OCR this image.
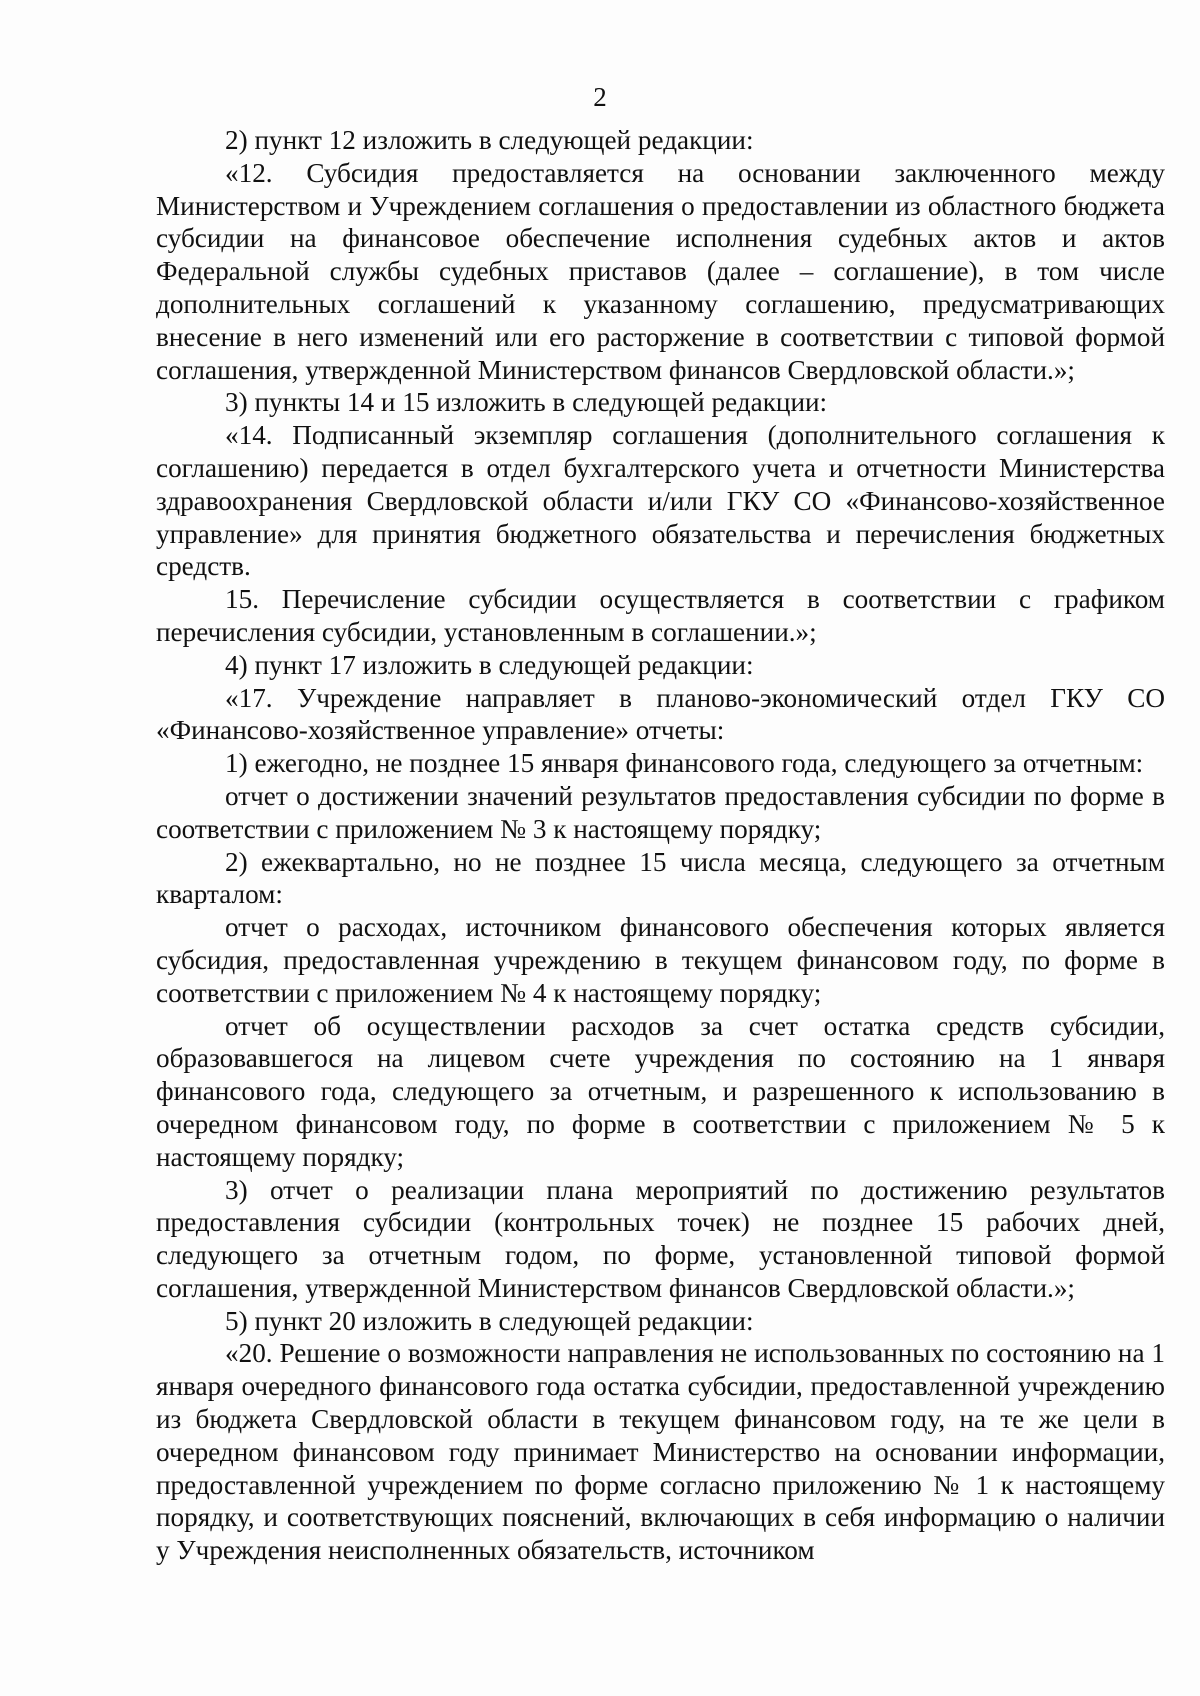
2

2) пункт 12 изложить в следующей редакции:

«12. Субсидия предоставляется на основании заключенного между Министерством и Учреждением соглашения о предоставлении из областного бюджета субсидии на финансовое обеспечение исполнения судебных актов и актов Федеральной службы судебных приставов (далее – соглашение), в том числе дополнительных соглашений к указанному соглашению, предусматривающих внесение в него изменений или его расторжение в соответствии с типовой формой соглашения, утвержденной Министерством финансов Свердловской области.»;

3) пункты 14 и 15 изложить в следующей редакции:

«14. Подписанный экземпляр соглашения (дополнительного соглашения к соглашению) передается в отдел бухгалтерского учета и отчетности Министерства здравоохранения Свердловской области и/или ГКУ СО «Финансово-хозяйственное управление» для принятия бюджетного обязательства и перечисления бюджетных средств.

15. Перечисление субсидии осуществляется в соответствии с графиком перечисления субсидии, установленным в соглашении.»;

4) пункт 17 изложить в следующей редакции:

«17. Учреждение направляет в планово-экономический отдел ГКУ СО «Финансово-хозяйственное управление» отчеты:

1) ежегодно, не позднее 15 января финансового года, следующего за отчетным:

отчет о достижении значений результатов предоставления субсидии по форме в соответствии с приложением № 3 к настоящему порядку;

2) ежеквартально, но не позднее 15 числа месяца, следующего за отчетным кварталом:

отчет о расходах, источником финансового обеспечения которых является субсидия, предоставленная учреждению в текущем финансовом году, по форме в соответствии с приложением № 4 к настоящему порядку;

отчет об осуществлении расходов за счет остатка средств субсидии, образовавшегося на лицевом счете учреждения по состоянию на 1 января финансового года, следующего за отчетным, и разрешенного к использованию в очередном финансовом году, по форме в соответствии с приложением № 5 к настоящему порядку;

3) отчет о реализации плана мероприятий по достижению результатов предоставления субсидии (контрольных точек) не позднее 15 рабочих дней, следующего за отчетным годом, по форме, установленной типовой формой соглашения, утвержденной Министерством финансов Свердловской области.»;

5) пункт 20 изложить в следующей редакции:

«20. Решение о возможности направления не использованных по состоянию на 1 января очередного финансового года остатка субсидии, предоставленной учреждению из бюджета Свердловской области в текущем финансовом году, на те же цели в очередном финансовом году принимает Министерство на основании информации, предоставленной учреждением по форме согласно приложению № 1 к настоящему порядку, и соответствующих пояснений, включающих в себя информацию о наличии у Учреждения неисполненных обязательств, источником
